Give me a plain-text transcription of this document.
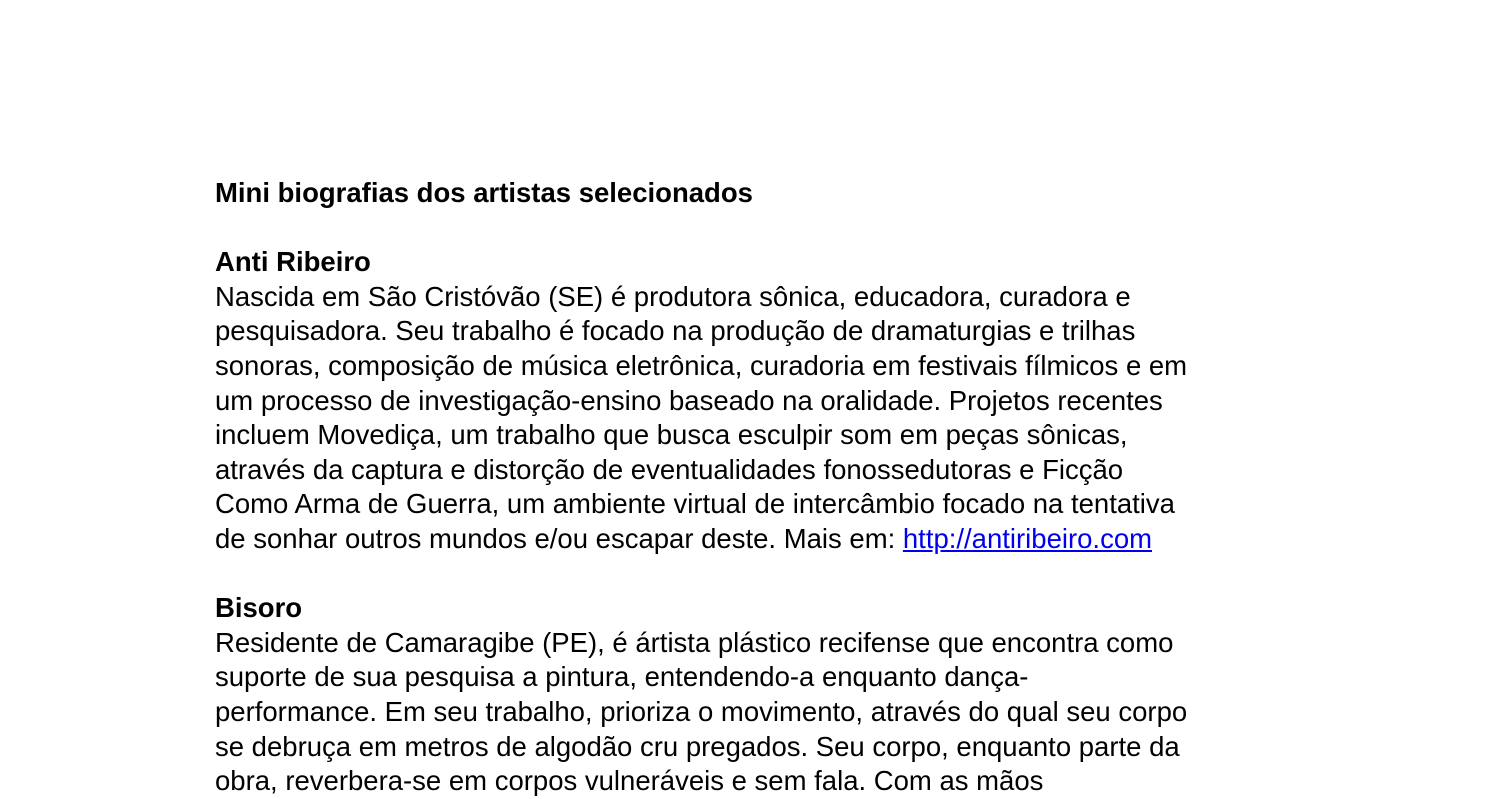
Mini biografias dos artistas selecionados

Anti Ribeiro

Nascida em São Cristóvão (SE) é produtora sônica, educadora, curadora e
pesquisadora. Seu trabalho é focado na produção de dramaturgias e trilhas
sonoras, composição de música eletrônica, curadoria em festivais fílmicos e em
um processo de investigação-ensino baseado na oralidade. Projetos recentes
incluem Movediça, um trabalho que busca esculpir som em peças sônicas,
através da captura e distorção de eventualidades fonossedutoras e Ficção
Como Arma de Guerra, um ambiente virtual de intercâmbio focado na tentativa
de sonhar outros mundos e/ou escapar deste. Mais em: http://antiribeiro.com

Bisoro

Residente de Camaragibe (PE), é ártista plástico recifense que encontra como
suporte de sua pesquisa a pintura, entendendo-a enquanto dança-
performance. Em seu trabalho, prioriza o movimento, através do qual seu corpo
se debruça em metros de algodão cru pregados. Seu corpo, enquanto parte da
obra, reverbera-se em corpos vulneráveis e sem fala. Com as mãos
